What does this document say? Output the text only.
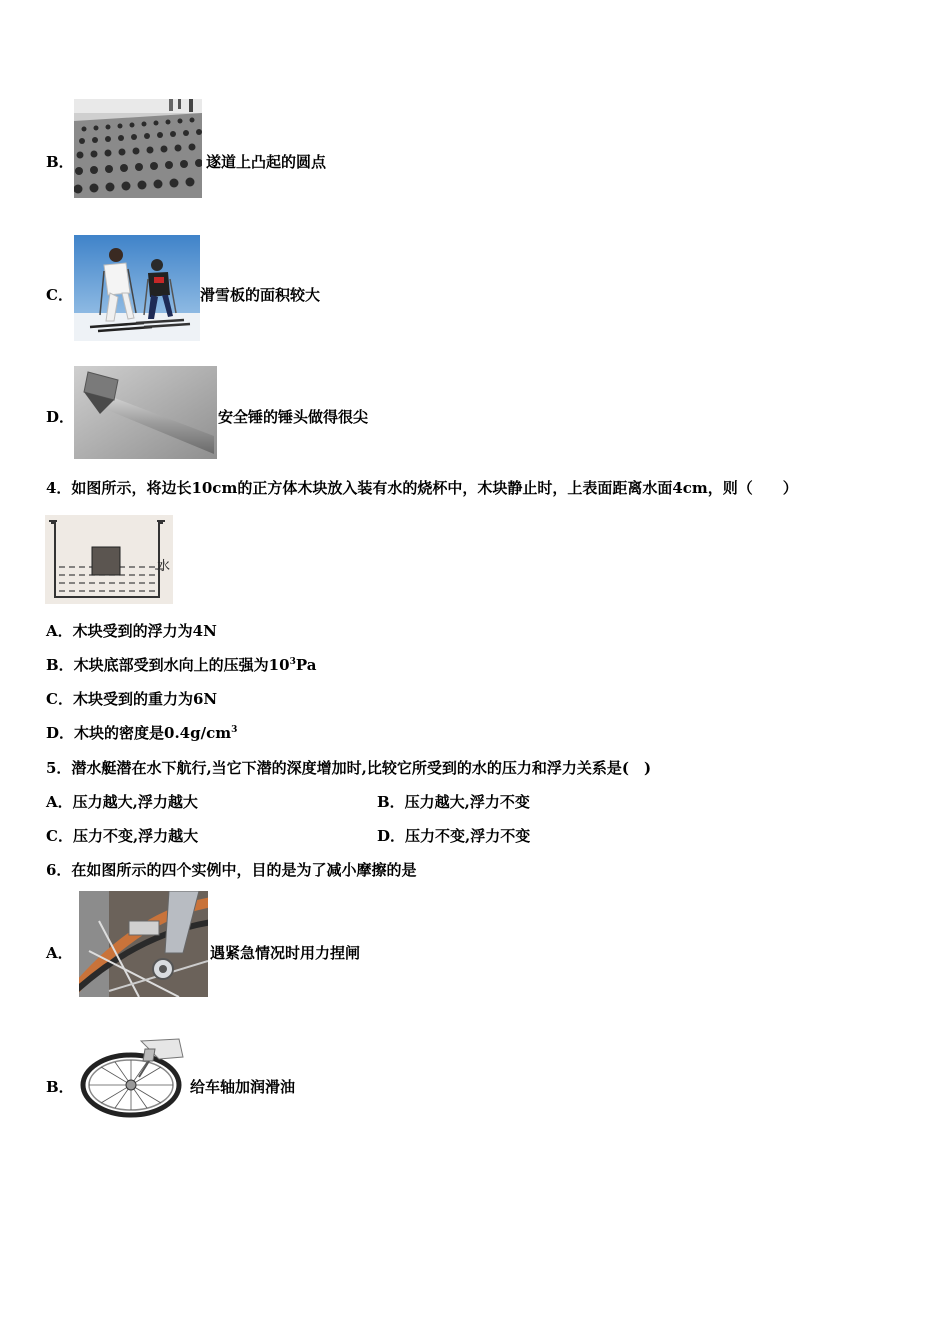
B．	遂道上凸起的圆点
C．	滑雪板的面积较大
D．	安全锤的锤头做得很尖
4．如图所示，将边长10cm的正方体木块放入装有水的烧杯中，木块静止时，上表面距离水面4cm，则（　　）
水
A．木块受到的浮力为4N
B．木块底部受到水向上的压强为$10^3Pa$
C．木块受到的重力为6N
D．木块的密度是$0.4g/cm^3$
5．潜水艇潜在水下航行,当它下潜的深度增加时,比较它所受到的水的压力和浮力关系是(　)
A．压力越大,浮力越大	B．压力越大,浮力不变
C．压力不变,浮力越大	D．压力不变,浮力不变
6．在如图所示的四个实例中，目的是为了减小摩擦的是
A．	遇紧急情况时用力捏闸
B．	给车轴加润滑油
